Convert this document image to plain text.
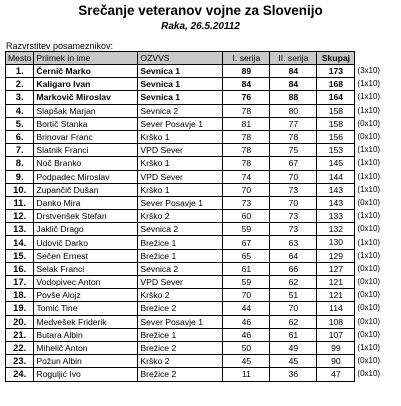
Srečanje veteranov vojne za Slovenijo
Raka, 26.5.20112
Razvrstitev posameznikov:
Mesto	Priimek in ime	OZVVS	I. serija	II. serija	Skupaj	
1.	Černič Marko	Sevnica 1	89	84	173	(3x10)
2.	Kaligaro Ivan	Sevnica 1	84	84	168	(1x10)
3.	Markovič Miroslav	Sevnica 1	76	88	164	(1x10)
4.	Slapšak Marjan	Sevnica 2	78	80	158	(1x10)
5.	Bortič Stanka	Sever Posavje 1	81	77	158	(0x10)
6.	Brinovar Franc	Krško 1	78	78	156	(0x10)
7.	Slatnik Franci	VPD Sever	78	75	153	(1x10)
8.	Noč Branko	Krško 1	78	67	145	(1x10)
9.	Podpadec Miroslav	VPD Sever	74	70	144	(1x10)
10.	Zupančič Dušan	Krško 1	70	73	143	(1x10)
11.	Danko Mira	Sever Posavje 1	73	70	143	(0x10)
12.	Drstvenšek Stefan	Krško 2	60	73	133	(1x10)
13.	Jaklič Drago	Sevnica 2	59	73	132	(0x10)
14.	Udovič Darko	Brežice 1	67	63	130	(1x10)
15.	Sečen Ernest	Brežice 1	65	64	129	(1x10)
16.	Selak Franci	Sevnica 2	61	66	127	(0x10)
17.	Vodopivec Anton	VPD Sever	59	62	121	(0x10)
18.	Povše Alojz	Krško 2	70	51	121	(0x10)
19.	Tomić Tine	Brežice 2	44	70	114	(0x10)
20.	Medvešek Friderik	Sever Posavje 1	46	62	108	(0x10)
21.	Butara Albin	Brežice 1	46	61	107	(0x10)
22.	Mihelič Anton	Brežice 2	50	49	99	(1x10)
23.	Požun Albin	Krško 2	45	45	90	(0x10)
24.	Roguljić Ivo	Brežice 2	11	36	47	(0x10)
